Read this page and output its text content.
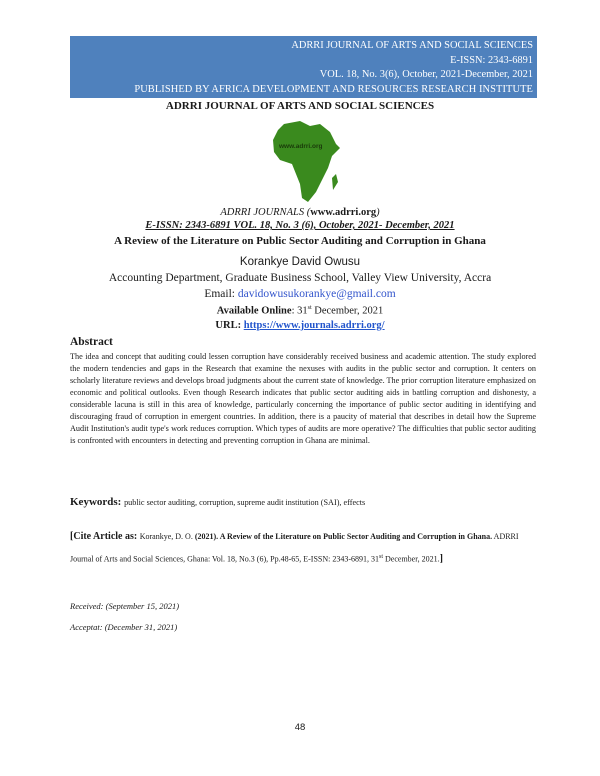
ADRRI JOURNAL OF ARTS AND SOCIAL SCIENCES
E-ISSN: 2343-6891
VOL. 18, No. 3(6), October, 2021-December, 2021
PUBLISHED BY AFRICA DEVELOPMENT AND RESOURCES RESEARCH INSTITUTE
ADRRI JOURNAL OF ARTS AND SOCIAL SCIENCES
www.adrri.org
ADRRI JOURNALS (www.adrri.org)
E-ISSN: 2343-6891 VOL. 18, No. 3 (6), October, 2021- December, 2021
A Review of the Literature on Public Sector Auditing and Corruption in Ghana
Korankye David Owusu
Accounting Department, Graduate Business School, Valley View University, Accra
Email: davidowusukorankye@gmail.com
Available Online: 31st December, 2021
URL: https://www.journals.adrri.org/
Abstract
The idea and concept that auditing could lessen corruption have considerably received business and academic attention. The study explored the modern tendencies and gaps in the Research that examine the nexuses with audits in the public sector and corruption. It centers on scholarly literature reviews and develops broad judgments about the current state of knowledge. The prior corruption literature emphasized on economic and political outlooks. Even though Research indicates that public sector auditing aids in battling corruption and dishonesty, a considerable lacuna is still in this area of knowledge, particularly concerning the importance of public sector auditing in identifying and discouraging fraud of corruption in emergent countries. In addition, there is a paucity of material that describes in detail how the Supreme Audit Institution's audit type's work reduces corruption. Which types of audits are more operative? The difficulties that public sector auditing is confronted with encounters in detecting and preventing corruption in Ghana are minimal.
Keywords: public sector auditing, corruption, supreme audit institution (SAI), effects
[Cite Article as: Korankye, D. O. (2021). A Review of the Literature on Public Sector Auditing and Corruption in Ghana. ADRRI Journal of Arts and Social Sciences, Ghana: Vol. 18, No.3 (6), Pp.48-65, E-ISSN: 2343-6891, 31st December, 2021.]
Received: (September 15, 2021)
Acceptat: (December 31, 2021)
48
